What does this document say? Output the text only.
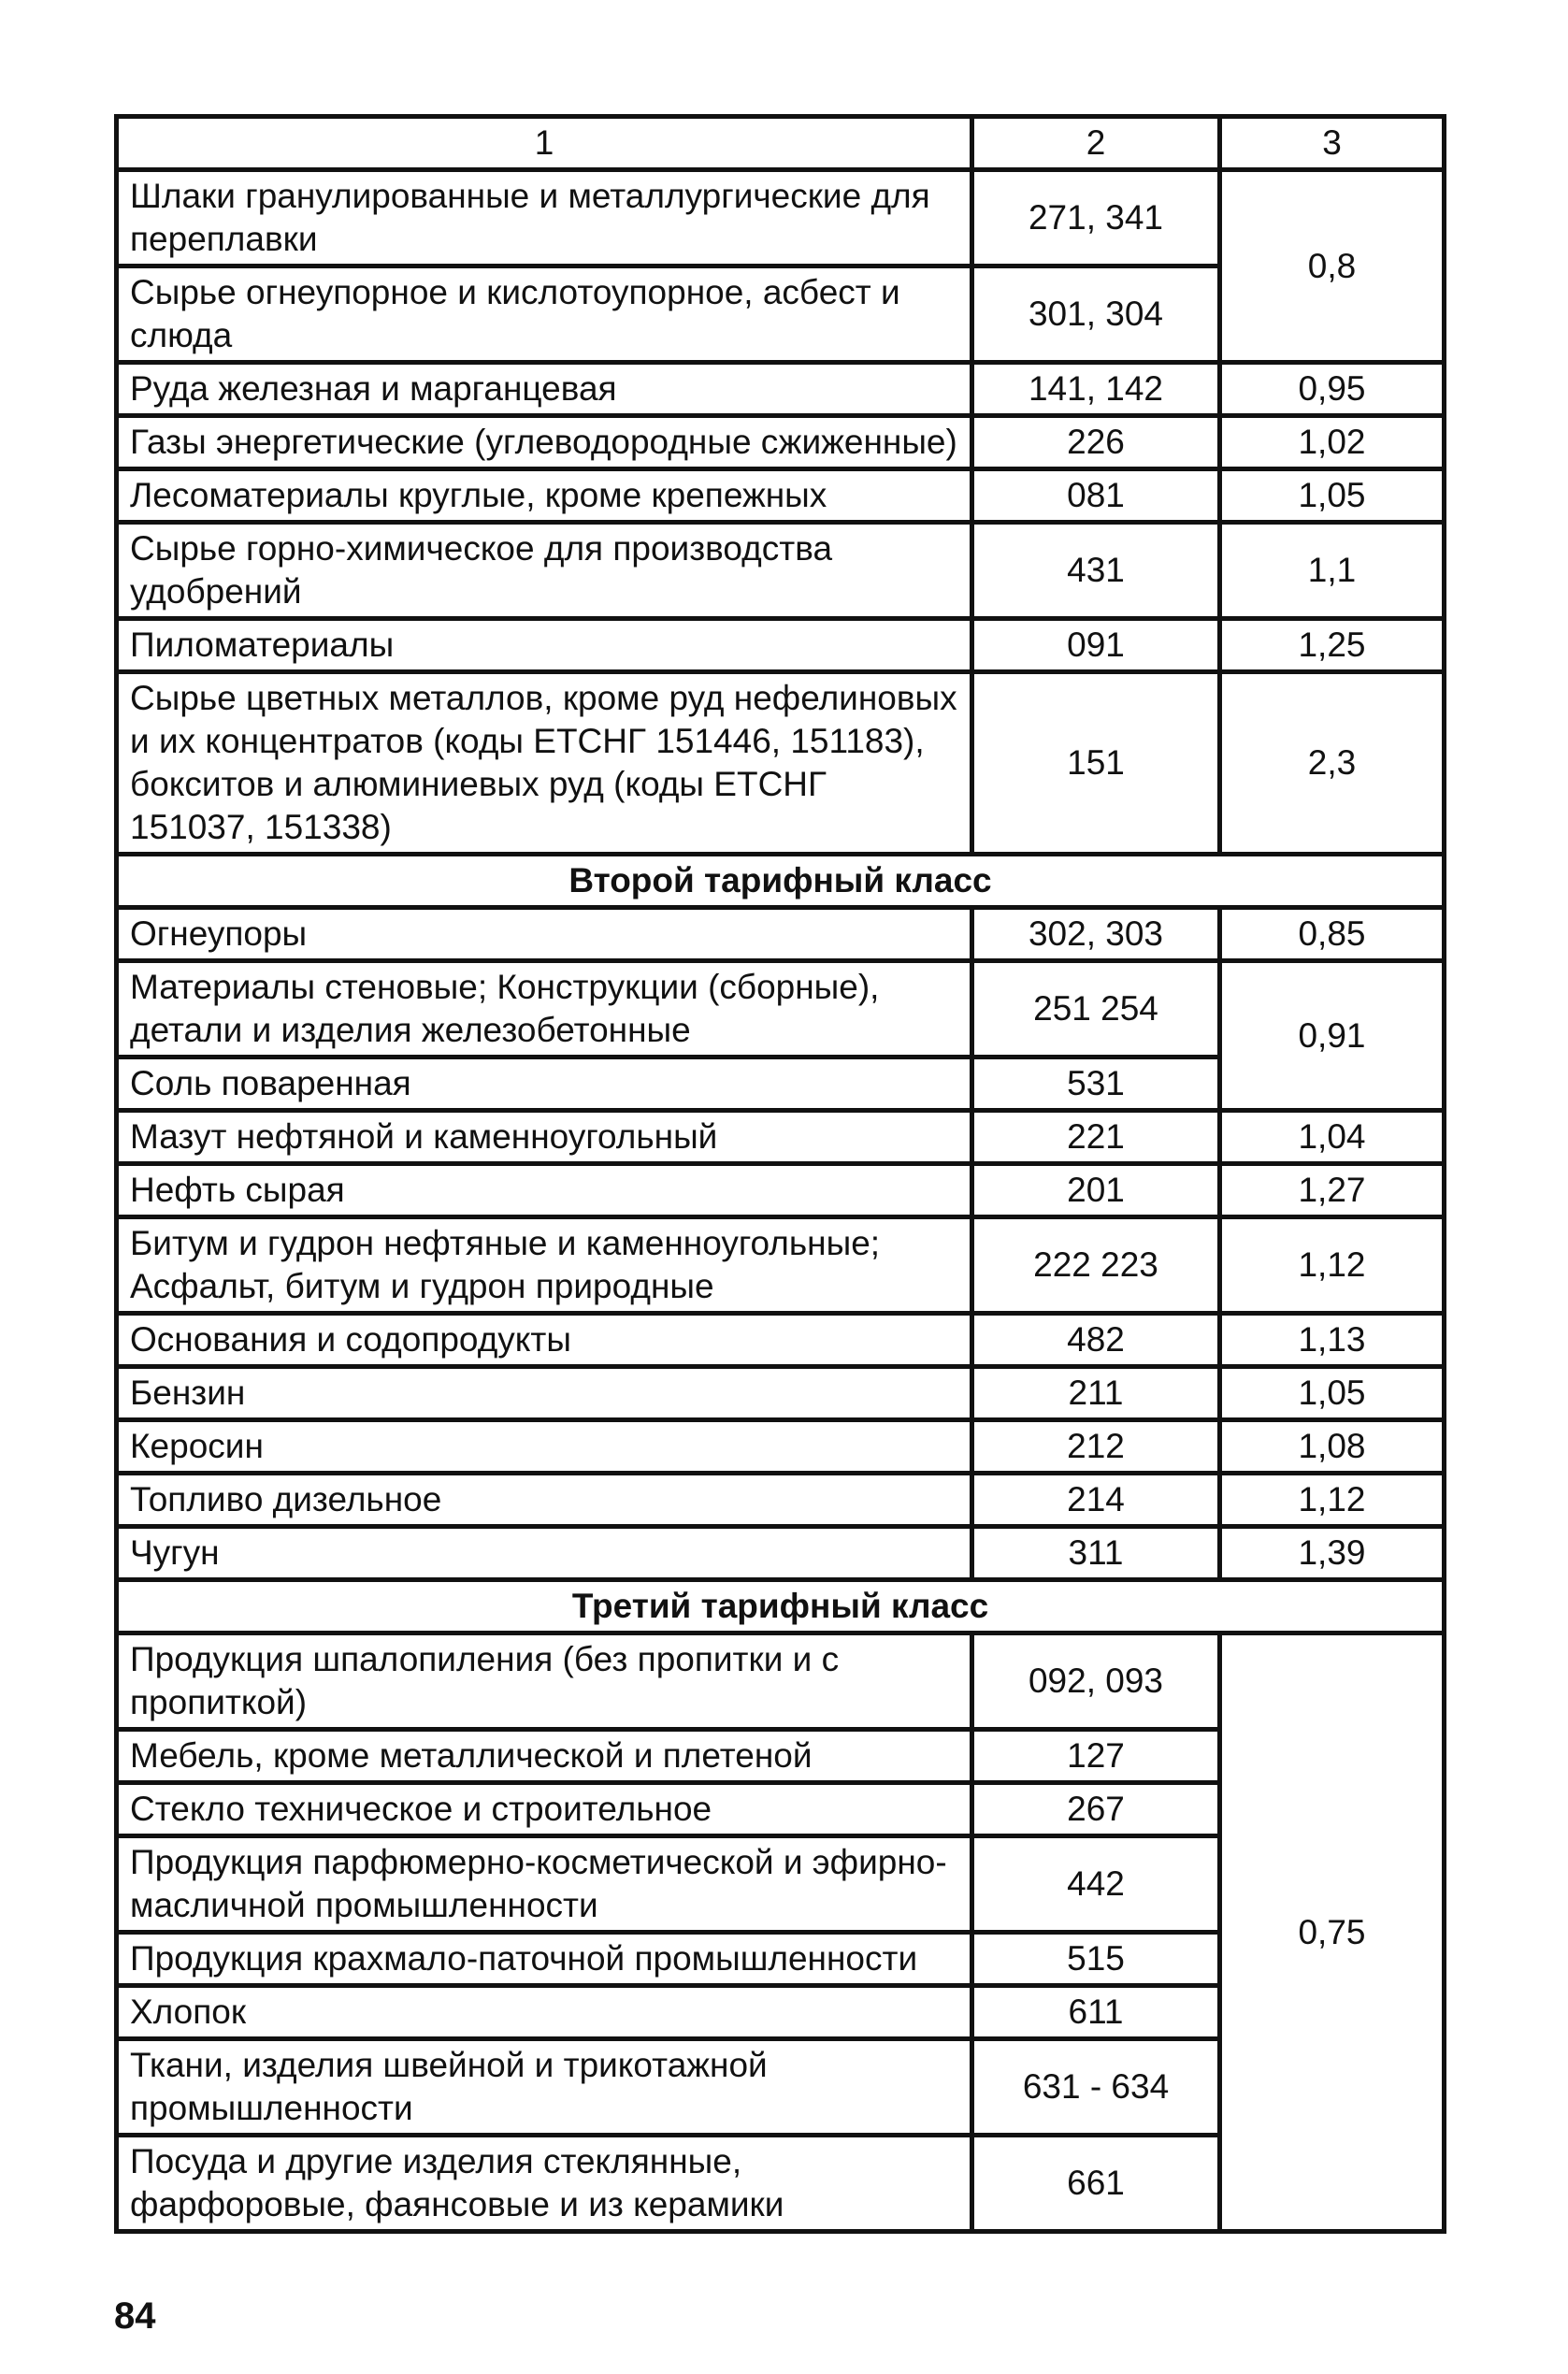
1	2	3
Шлаки гранулированные и металлургические для переплавки	271, 341	0,8
Сырье огнеупорное и кислотоупорное, асбест и слюда	301, 304	
Руда железная и марганцевая	141, 142	0,95
Газы энергетические (углеводородные сжиженные)	226	1,02
Лесоматериалы круглые, кроме крепежных	081	1,05
Сырье горно-химическое для производства удобрений	431	1,1
Пиломатериалы	091	1,25
Сырье цветных металлов, кроме руд нефелиновых и их концентратов (коды ЕТСНГ 151446, 151183), бокситов и алюминиевых руд (коды ЕТСНГ 151037, 151338)	151	2,3
Второй тарифный класс		
Огнеупоры	302, 303	0,85
Материалы стеновые; Конструкции (сборные), детали и изделия железобетонные	251 254	0,91
Соль поваренная	531	
Мазут нефтяной и каменноугольный	221	1,04
Нефть сырая	201	1,27
Битум и гудрон нефтяные и каменноугольные; Асфальт, битум и гудрон природные	222 223	1,12
Основания и содопродукты	482	1,13
Бензин	211	1,05
Керосин	212	1,08
Топливо дизельное	214	1,12
Чугун	311	1,39
Третий тарифный класс		
Продукция шпалопиления (без пропитки и с пропиткой)	092, 093	0,75
Мебель, кроме металлической и плетеной	127	
Стекло техническое и строительное	267	
Продукция парфюмерно-косметической и эфирно-масличной промышленности	442	
Продукция крахмало-паточной промышленности	515	
Хлопок	611	
Ткани, изделия швейной и трикотажной промышленности	631 - 634	
Посуда и другие изделия стеклянные, фарфоровые, фаянсовые и из керамики	661	
84
